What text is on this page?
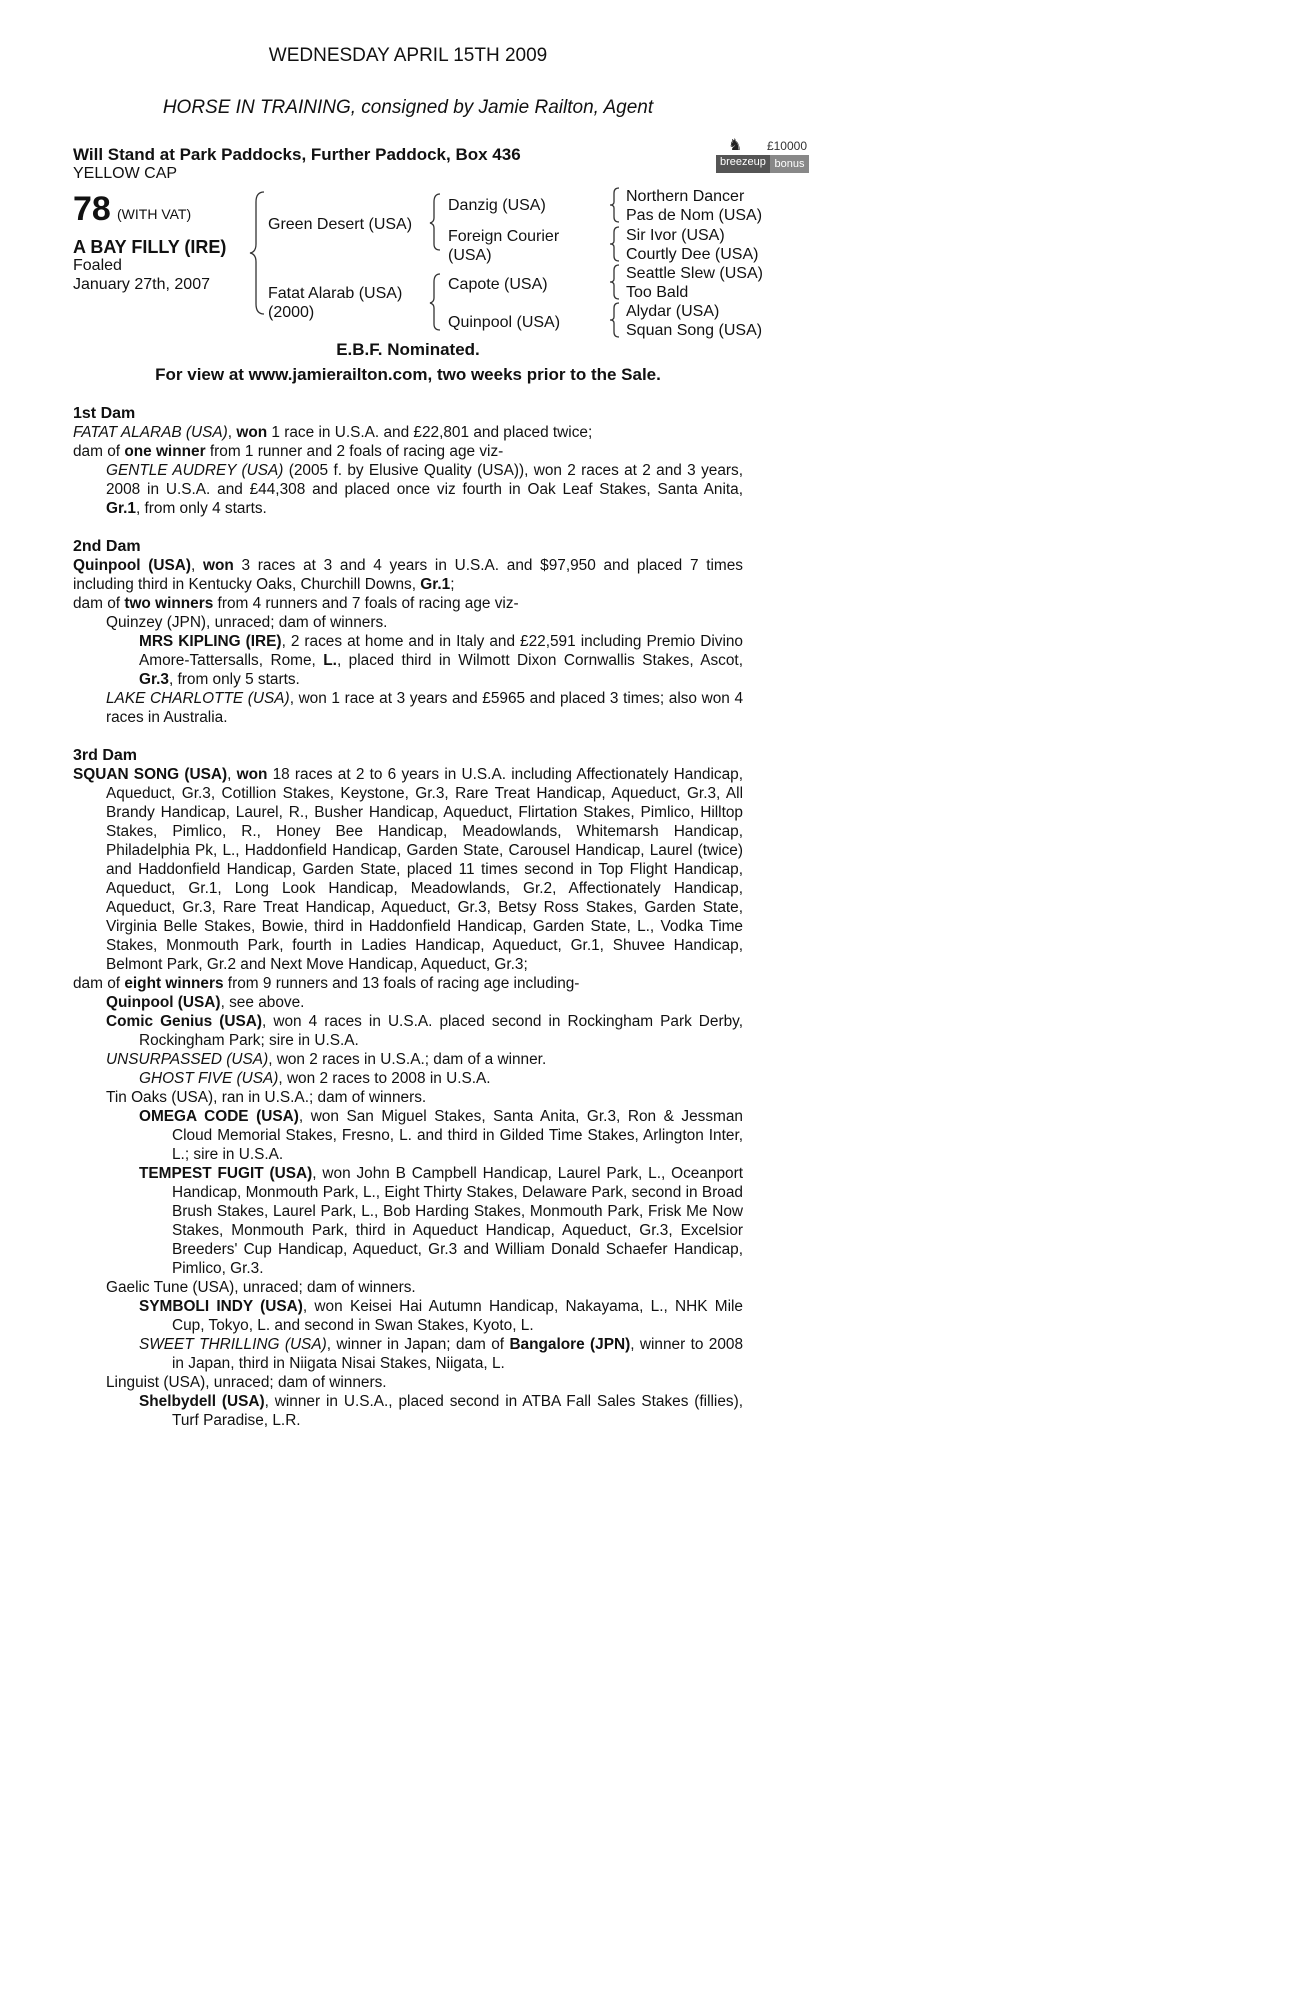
WEDNESDAY APRIL 15TH 2009
HORSE IN TRAINING, consigned by Jamie Railton, Agent
Will Stand at Park Paddocks, Further Paddock, Box 436
YELLOW CAP
♞ £10000
breezeup bonus
78 (WITH VAT)
A BAY FILLY (IRE)
Foaled
January 27th, 2007
Green Desert (USA)
Fatat Alarab (USA)
(2000)
Danzig (USA)
Foreign Courier
(USA)
Capote (USA)
Quinpool (USA)
Northern Dancer
Pas de Nom (USA)
Sir Ivor (USA)
Courtly Dee (USA)
Seattle Slew (USA)
Too Bald
Alydar (USA)
Squan Song (USA)
E.B.F. Nominated.
For view at www.jamierailton.com, two weeks prior to the Sale.

1st Dam

FATAT ALARAB (USA), won 1 race in U.S.A. and £22,801 and placed twice;

dam of one winner from 1 runner and 2 foals of racing age viz-

GENTLE AUDREY (USA) (2005 f. by Elusive Quality (USA)), won 2 races at 2 and 3 years, 2008 in U.S.A. and £44,308 and placed once viz fourth in Oak Leaf Stakes, Santa Anita, Gr.1, from only 4 starts.

2nd Dam

Quinpool (USA), won 3 races at 3 and 4 years in U.S.A. and $97,950 and placed 7 times including third in Kentucky Oaks, Churchill Downs, Gr.1;

dam of two winners from 4 runners and 7 foals of racing age viz-

Quinzey (JPN), unraced; dam of winners.

MRS KIPLING (IRE), 2 races at home and in Italy and £22,591 including Premio Divino Amore-Tattersalls, Rome, L., placed third in Wilmott Dixon Cornwallis Stakes, Ascot, Gr.3, from only 5 starts.

LAKE CHARLOTTE (USA), won 1 race at 3 years and £5965 and placed 3 times; also won 4 races in Australia.

3rd Dam

SQUAN SONG (USA), won 18 races at 2 to 6 years in U.S.A. including Affectionately Handicap, Aqueduct, Gr.3, Cotillion Stakes, Keystone, Gr.3, Rare Treat Handicap, Aqueduct, Gr.3, All Brandy Handicap, Laurel, R., Busher Handicap, Aqueduct, Flirtation Stakes, Pimlico, Hilltop Stakes, Pimlico, R., Honey Bee Handicap, Meadowlands, Whitemarsh Handicap, Philadelphia Pk, L., Haddonfield Handicap, Garden State, Carousel Handicap, Laurel (twice) and Haddonfield Handicap, Garden State, placed 11 times second in Top Flight Handicap, Aqueduct, Gr.1, Long Look Handicap, Meadowlands, Gr.2, Affectionately Handicap, Aqueduct, Gr.3, Rare Treat Handicap, Aqueduct, Gr.3, Betsy Ross Stakes, Garden State, Virginia Belle Stakes, Bowie, third in Haddonfield Handicap, Garden State, L., Vodka Time Stakes, Monmouth Park, fourth in Ladies Handicap, Aqueduct, Gr.1, Shuvee Handicap, Belmont Park, Gr.2 and Next Move Handicap, Aqueduct, Gr.3;

dam of eight winners from 9 runners and 13 foals of racing age including-

Quinpool (USA), see above.

Comic Genius (USA), won 4 races in U.S.A. placed second in Rockingham Park Derby, Rockingham Park; sire in U.S.A.

UNSURPASSED (USA), won 2 races in U.S.A.; dam of a winner.

GHOST FIVE (USA), won 2 races to 2008 in U.S.A.

Tin Oaks (USA), ran in U.S.A.; dam of winners.

OMEGA CODE (USA), won San Miguel Stakes, Santa Anita, Gr.3, Ron & Jessman Cloud Memorial Stakes, Fresno, L. and third in Gilded Time Stakes, Arlington Inter, L.; sire in U.S.A.

TEMPEST FUGIT (USA), won John B Campbell Handicap, Laurel Park, L., Oceanport Handicap, Monmouth Park, L., Eight Thirty Stakes, Delaware Park, second in Broad Brush Stakes, Laurel Park, L., Bob Harding Stakes, Monmouth Park, Frisk Me Now Stakes, Monmouth Park, third in Aqueduct Handicap, Aqueduct, Gr.3, Excelsior Breeders' Cup Handicap, Aqueduct, Gr.3 and William Donald Schaefer Handicap, Pimlico, Gr.3.

Gaelic Tune (USA), unraced; dam of winners.

SYMBOLI INDY (USA), won Keisei Hai Autumn Handicap, Nakayama, L., NHK Mile Cup, Tokyo, L. and second in Swan Stakes, Kyoto, L.

SWEET THRILLING (USA), winner in Japan; dam of Bangalore (JPN), winner to 2008 in Japan, third in Niigata Nisai Stakes, Niigata, L.

Linguist (USA), unraced; dam of winners.

Shelbydell (USA), winner in U.S.A., placed second in ATBA Fall Sales Stakes (fillies), Turf Paradise, L.R.
